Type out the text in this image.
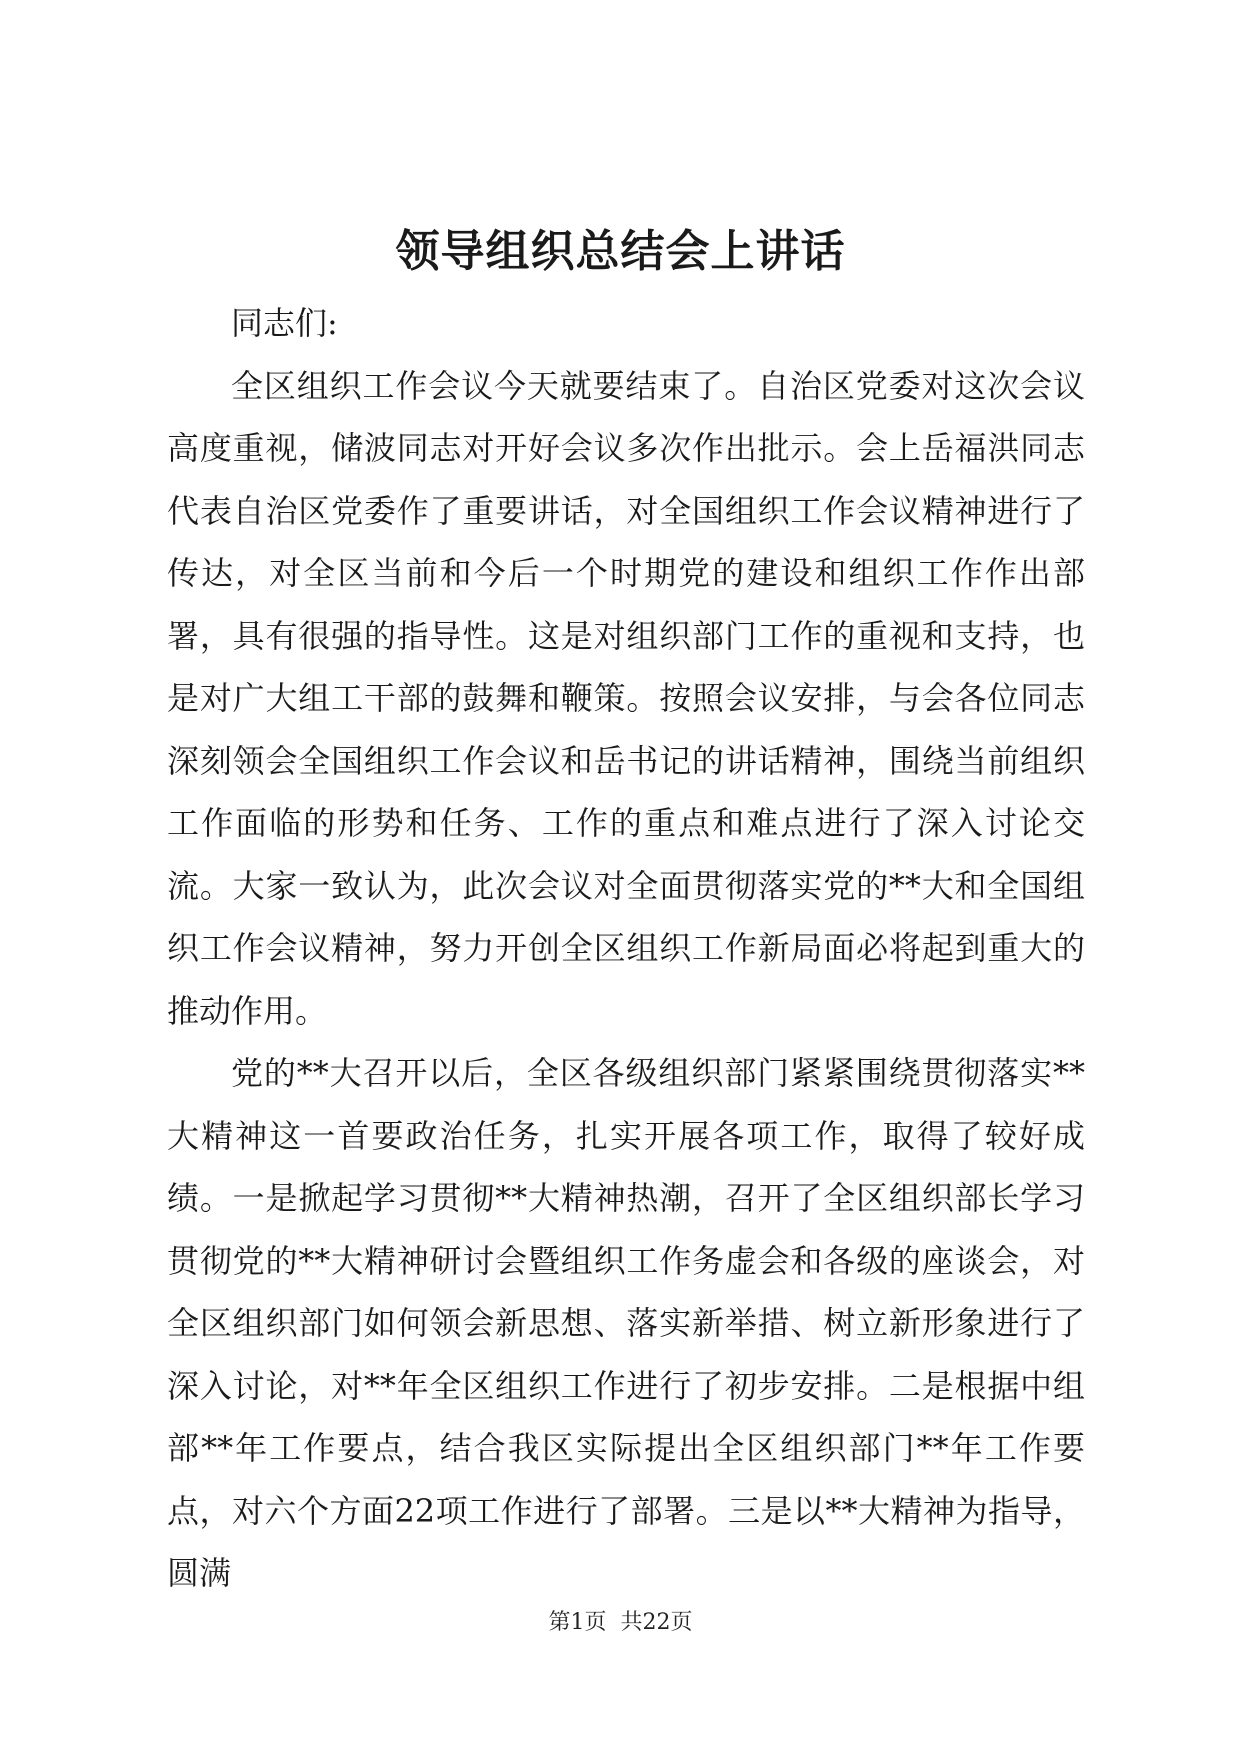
领导组织总结会上讲话

同志们:

全区组织工作会议今天就要结束了。自治区党委对这次会议高度重视，储波同志对开好会议多次作出批示。会上岳福洪同志代表自治区党委作了重要讲话，对全国组织工作会议精神进行了传达，对全区当前和今后一个时期党的建设和组织工作作出部署，具有很强的指导性。这是对组织部门工作的重视和支持，也是对广大组工干部的鼓舞和鞭策。按照会议安排，与会各位同志深刻领会全国组织工作会议和岳书记的讲话精神，围绕当前组织工作面临的形势和任务、工作的重点和难点进行了深入讨论交流。大家一致认为，此次会议对全面贯彻落实党的**大和全国组织工作会议精神，努力开创全区组织工作新局面必将起到重大的推动作用。

党的**大召开以后，全区各级组织部门紧紧围绕贯彻落实**大精神这一首要政治任务，扎实开展各项工作，取得了较好成绩。一是掀起学习贯彻**大精神热潮，召开了全区组织部长学习贯彻党的**大精神研讨会暨组织工作务虚会和各级的座谈会，对全区组织部门如何领会新思想、落实新举措、树立新形象进行了深入讨论，对**年全区组织工作进行了初步安排。二是根据中组部**年工作要点，结合我区实际提出全区组织部门**年工作要点，对六个方面22项工作进行了部署。三是以**大精神为指导，圆满

第1页  共22页
